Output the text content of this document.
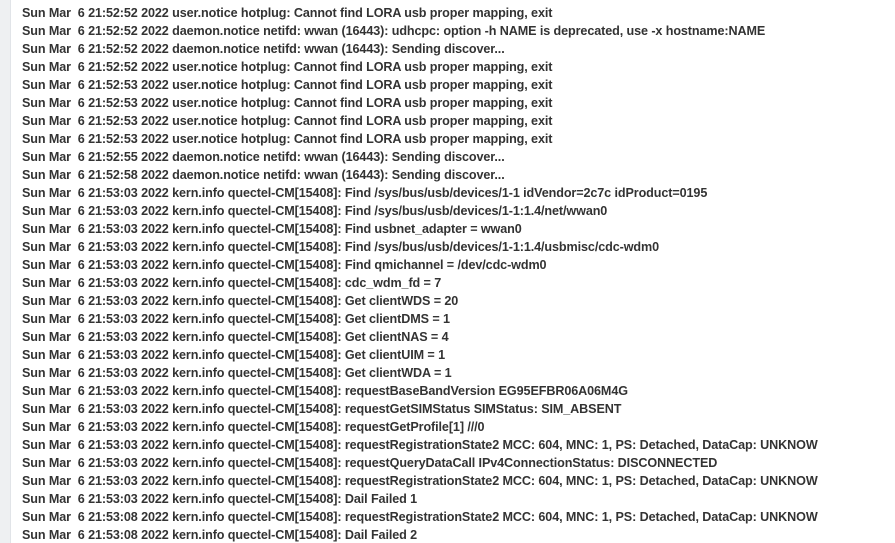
Sun Mar  6 21:52:52 2022 user.notice hotplug: Cannot find LORA usb proper mapping, exit
Sun Mar  6 21:52:52 2022 daemon.notice netifd: wwan (16443): udhcpc: option -h NAME is deprecated, use -x hostname:NAME
Sun Mar  6 21:52:52 2022 daemon.notice netifd: wwan (16443): Sending discover...
Sun Mar  6 21:52:52 2022 user.notice hotplug: Cannot find LORA usb proper mapping, exit
Sun Mar  6 21:52:53 2022 user.notice hotplug: Cannot find LORA usb proper mapping, exit
Sun Mar  6 21:52:53 2022 user.notice hotplug: Cannot find LORA usb proper mapping, exit
Sun Mar  6 21:52:53 2022 user.notice hotplug: Cannot find LORA usb proper mapping, exit
Sun Mar  6 21:52:53 2022 user.notice hotplug: Cannot find LORA usb proper mapping, exit
Sun Mar  6 21:52:55 2022 daemon.notice netifd: wwan (16443): Sending discover...
Sun Mar  6 21:52:58 2022 daemon.notice netifd: wwan (16443): Sending discover...
Sun Mar  6 21:53:03 2022 kern.info quectel-CM[15408]: Find /sys/bus/usb/devices/1-1 idVendor=2c7c idProduct=0195
Sun Mar  6 21:53:03 2022 kern.info quectel-CM[15408]: Find /sys/bus/usb/devices/1-1:1.4/net/wwan0
Sun Mar  6 21:53:03 2022 kern.info quectel-CM[15408]: Find usbnet_adapter = wwan0
Sun Mar  6 21:53:03 2022 kern.info quectel-CM[15408]: Find /sys/bus/usb/devices/1-1:1.4/usbmisc/cdc-wdm0
Sun Mar  6 21:53:03 2022 kern.info quectel-CM[15408]: Find qmichannel = /dev/cdc-wdm0
Sun Mar  6 21:53:03 2022 kern.info quectel-CM[15408]: cdc_wdm_fd = 7
Sun Mar  6 21:53:03 2022 kern.info quectel-CM[15408]: Get clientWDS = 20
Sun Mar  6 21:53:03 2022 kern.info quectel-CM[15408]: Get clientDMS = 1
Sun Mar  6 21:53:03 2022 kern.info quectel-CM[15408]: Get clientNAS = 4
Sun Mar  6 21:53:03 2022 kern.info quectel-CM[15408]: Get clientUIM = 1
Sun Mar  6 21:53:03 2022 kern.info quectel-CM[15408]: Get clientWDA = 1
Sun Mar  6 21:53:03 2022 kern.info quectel-CM[15408]: requestBaseBandVersion EG95EFBR06A06M4G
Sun Mar  6 21:53:03 2022 kern.info quectel-CM[15408]: requestGetSIMStatus SIMStatus: SIM_ABSENT
Sun Mar  6 21:53:03 2022 kern.info quectel-CM[15408]: requestGetProfile[1] ///0
Sun Mar  6 21:53:03 2022 kern.info quectel-CM[15408]: requestRegistrationState2 MCC: 604, MNC: 1, PS: Detached, DataCap: UNKNOW
Sun Mar  6 21:53:03 2022 kern.info quectel-CM[15408]: requestQueryDataCall IPv4ConnectionStatus: DISCONNECTED
Sun Mar  6 21:53:03 2022 kern.info quectel-CM[15408]: requestRegistrationState2 MCC: 604, MNC: 1, PS: Detached, DataCap: UNKNOW
Sun Mar  6 21:53:03 2022 kern.info quectel-CM[15408]: Dail Failed 1
Sun Mar  6 21:53:08 2022 kern.info quectel-CM[15408]: requestRegistrationState2 MCC: 604, MNC: 1, PS: Detached, DataCap: UNKNOW
Sun Mar  6 21:53:08 2022 kern.info quectel-CM[15408]: Dail Failed 2
